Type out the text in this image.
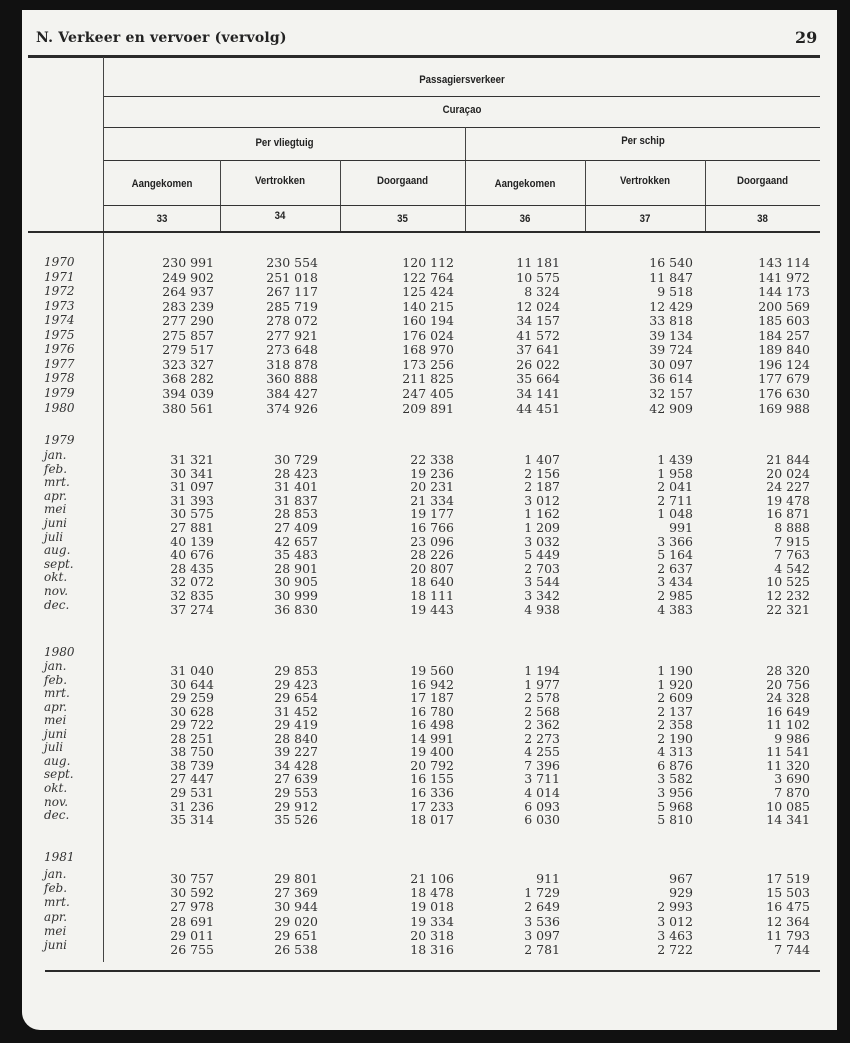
N. Verkeer en vervoer (vervolg)	29
Passagiersverkeer
Curaçao
Per vliegtuig	Per schip
Aangekomen
33
Vertrokken
34
Doorgaand
35
Aangekomen
36
Vertrokken
37
Doorgaand
38
1970	230 991	230 554	120 112	11 181	16 540	143 114
1971	249 902	251 018	122 764	10 575	11 847	141 972
1972	264 937	267 117	125 424	8 324	9 518	144 173
1973	283 239	285 719	140 215	12 024	12 429	200 569
1974	277 290	278 072	160 194	34 157	33 818	185 603
1975	275 857	277 921	176 024	41 572	39 134	184 257
1976	279 517	273 648	168 970	37 641	39 724	189 840
1977	323 327	318 878	173 256	26 022	30 097	196 124
1978	368 282	360 888	211 825	35 664	36 614	177 679
1979	394 039	384 427	247 405	34 141	32 157	176 630
1980	380 561	374 926	209 891	44 451	42 909	169 988
1979
jan.	31 321	30 729	22 338	1 407	1 439	21 844
feb.	30 341	28 423	19 236	2 156	1 958	20 024
mrt.	31 097	31 401	20 231	2 187	2 041	24 227
apr.	31 393	31 837	21 334	3 012	2 711	19 478
mei	30 575	28 853	19 177	1 162	1 048	16 871
juni	27 881	27 409	16 766	1 209	991	8 888
juli	40 139	42 657	23 096	3 032	3 366	7 915
aug.	40 676	35 483	28 226	5 449	5 164	7 763
sept.	28 435	28 901	20 807	2 703	2 637	4 542
okt.	32 072	30 905	18 640	3 544	3 434	10 525
nov.	32 835	30 999	18 111	3 342	2 985	12 232
dec.	37 274	36 830	19 443	4 938	4 383	22 321
1980
jan.	31 040	29 853	19 560	1 194	1 190	28 320
feb.	30 644	29 423	16 942	1 977	1 920	20 756
mrt.	29 259	29 654	17 187	2 578	2 609	24 328
apr.	30 628	31 452	16 780	2 568	2 137	16 649
mei	29 722	29 419	16 498	2 362	2 358	11 102
juni	28 251	28 840	14 991	2 273	2 190	9 986
juli	38 750	39 227	19 400	4 255	4 313	11 541
aug.	38 739	34 428	20 792	7 396	6 876	11 320
sept.	27 447	27 639	16 155	3 711	3 582	3 690
okt.	29 531	29 553	16 336	4 014	3 956	7 870
nov.	31 236	29 912	17 233	6 093	5 968	10 085
dec.	35 314	35 526	18 017	6 030	5 810	14 341
1981
jan.	30 757	29 801	21 106	911	967	17 519
feb.	30 592	27 369	18 478	1 729	929	15 503
mrt.	27 978	30 944	19 018	2 649	2 993	16 475
apr.	28 691	29 020	19 334	3 536	3 012	12 364
mei	29 011	29 651	20 318	3 097	3 463	11 793
juni	26 755	26 538	18 316	2 781	2 722	7 744
